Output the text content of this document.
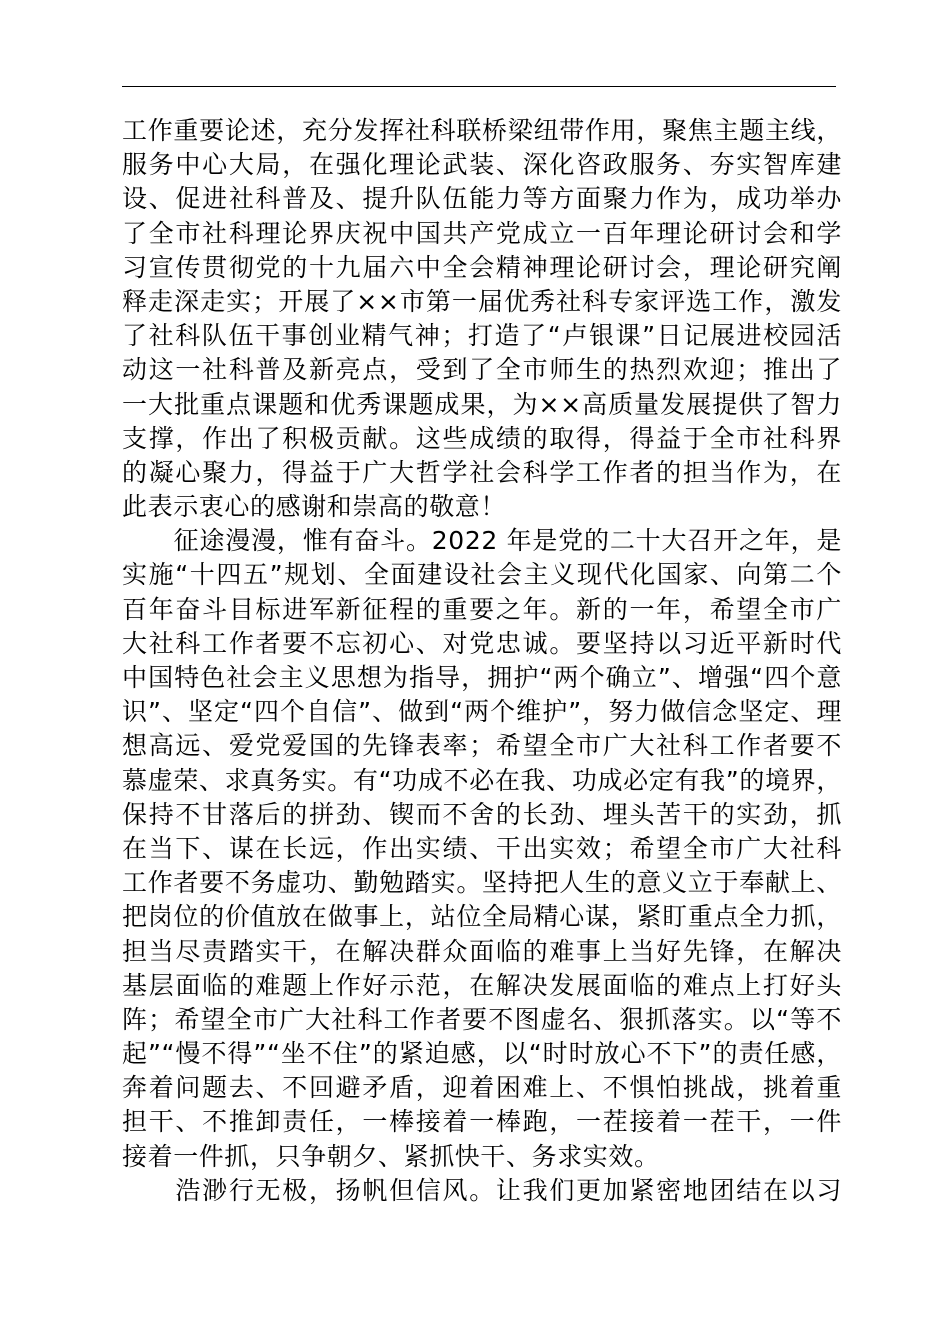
工作重要论述，充分发挥社科联桥梁纽带作用，聚焦主题主线，
服务中心大局，在强化理论武装、深化咨政服务、夯实智库建
设、促进社科普及、提升队伍能力等方面聚力作为，成功举办
了全市社科理论界庆祝中国共产党成立一百年理论研讨会和学
习宣传贯彻党的十九届六中全会精神理论研讨会，理论研究阐
释走深走实；开展了××市第一届优秀社科专家评选工作，激发
了社科队伍干事创业精气神；打造了“卢银课”日记展进校园活
动这一社科普及新亮点，受到了全市师生的热烈欢迎；推出了
一大批重点课题和优秀课题成果，为××高质量发展提供了智力
支撑，作出了积极贡献。这些成绩的取得，得益于全市社科界
的凝心聚力，得益于广大哲学社会科学工作者的担当作为，在
此表示衷心的感谢和崇高的敬意！
　　征途漫漫，惟有奋斗。2022 年是党的二十大召开之年，是
实施“十四五”规划、全面建设社会主义现代化国家、向第二个
百年奋斗目标进军新征程的重要之年。新的一年，希望全市广
大社科工作者要不忘初心、对党忠诚。要坚持以习近平新时代
中国特色社会主义思想为指导，拥护“两个确立”、增强“四个意
识”、坚定“四个自信”、做到“两个维护”，努力做信念坚定、理
想高远、爱党爱国的先锋表率；希望全市广大社科工作者要不
慕虚荣、求真务实。有“功成不必在我、功成必定有我”的境界，
保持不甘落后的拼劲、锲而不舍的长劲、埋头苦干的实劲，抓
在当下、谋在长远，作出实绩、干出实效；希望全市广大社科
工作者要不务虚功、勤勉踏实。坚持把人生的意义立于奉献上、
把岗位的价值放在做事上，站位全局精心谋，紧盯重点全力抓，
担当尽责踏实干，在解决群众面临的难事上当好先锋，在解决
基层面临的难题上作好示范，在解决发展面临的难点上打好头
阵；希望全市广大社科工作者要不图虚名、狠抓落实。以“等不
起”“慢不得”“坐不住”的紧迫感，以“时时放心不下”的责任感，
奔着问题去、不回避矛盾，迎着困难上、不惧怕挑战，挑着重
担干、不推卸责任，一棒接着一棒跑，一茬接着一茬干，一件
接着一件抓，只争朝夕、紧抓快干、务求实效。
　　浩渺行无极，扬帆但信风。让我们更加紧密地团结在以习
